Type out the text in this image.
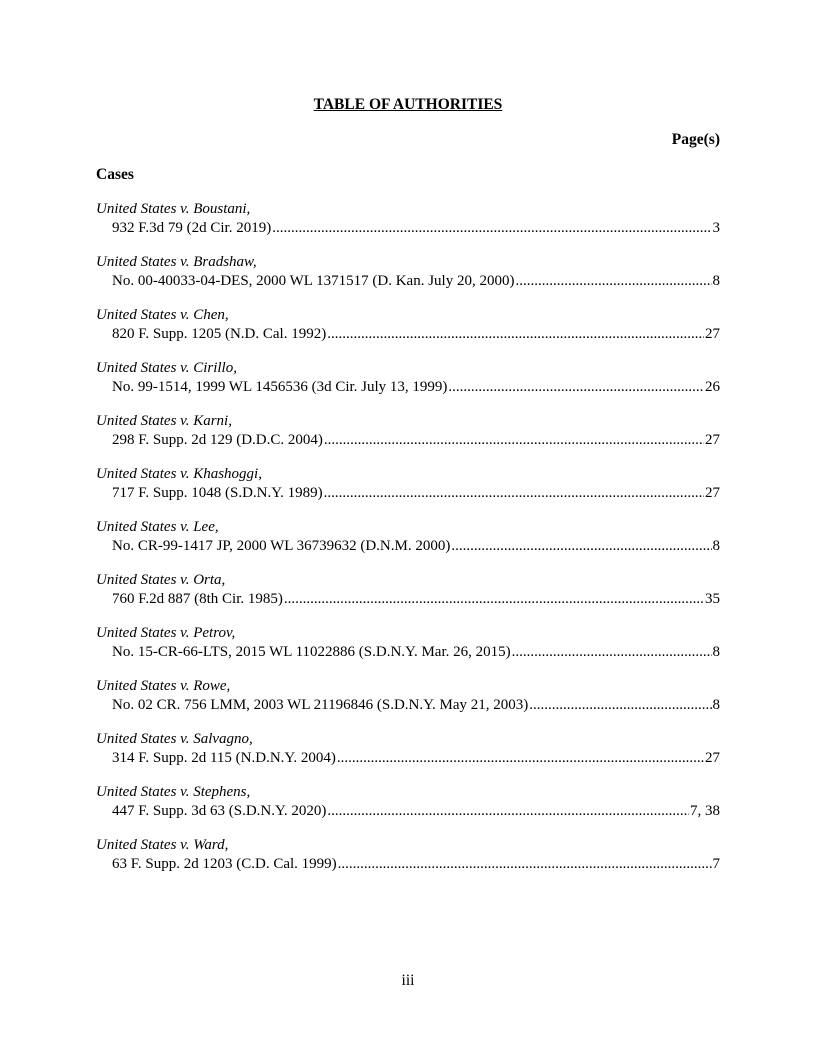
TABLE OF AUTHORITIES
Page(s)
Cases
United States v. Boustani,
932 F.3d 79 (2d Cir. 2019) .....	3
United States v. Bradshaw,
No. 00-40033-04-DES, 2000 WL 1371517 (D. Kan. July 20, 2000) .....	8
United States v. Chen,
820 F. Supp. 1205 (N.D. Cal. 1992) .....	27
United States v. Cirillo,
No. 99-1514, 1999 WL 1456536 (3d Cir. July 13, 1999) .....	26
United States v. Karni,
298 F. Supp. 2d 129 (D.D.C. 2004) .....	27
United States v. Khashoggi,
717 F. Supp. 1048 (S.D.N.Y. 1989) .....	27
United States v. Lee,
No. CR-99-1417 JP, 2000 WL 36739632 (D.N.M. 2000) .....	8
United States v. Orta,
760 F.2d 887 (8th Cir. 1985) .....	35
United States v. Petrov,
No. 15-CR-66-LTS, 2015 WL 11022886 (S.D.N.Y. Mar. 26, 2015) .....	8
United States v. Rowe,
No. 02 CR. 756 LMM, 2003 WL 21196846 (S.D.N.Y. May 21, 2003) .....	8
United States v. Salvagno,
314 F. Supp. 2d 115 (N.D.N.Y. 2004) .....	27
United States v. Stephens,
447 F. Supp. 3d 63 (S.D.N.Y. 2020) .....	7, 38
United States v. Ward,
63 F. Supp. 2d 1203 (C.D. Cal. 1999) .....	7
iii
